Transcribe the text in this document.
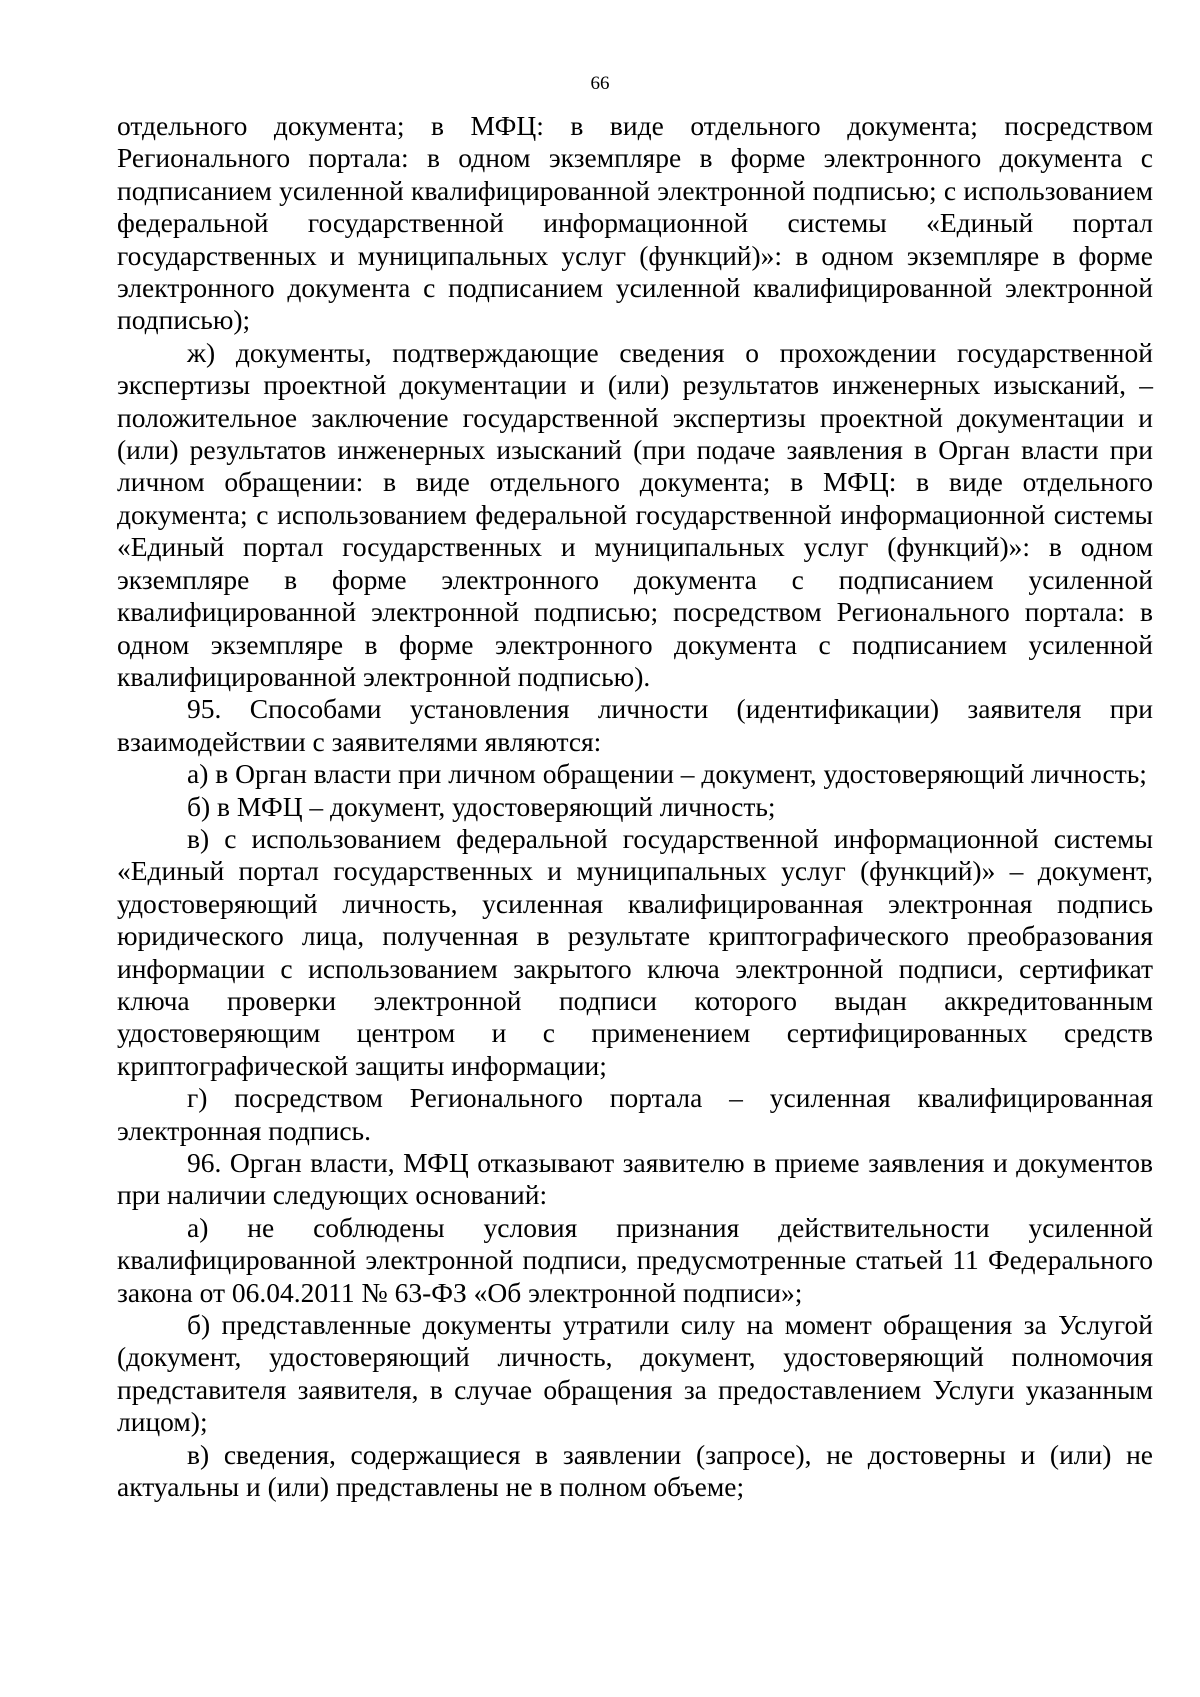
66

отдельного документа; в МФЦ: в виде отдельного документа; посредством Регионального портала: в одном экземпляре в форме электронного документа с подписанием усиленной квалифицированной электронной подписью; с использованием федеральной государственной информационной системы «Единый портал государственных и муниципальных услуг (функций)»: в одном экземпляре в форме электронного документа с подписанием усиленной квалифицированной электронной подписью);

ж) документы, подтверждающие сведения о прохождении государственной экспертизы проектной документации и (или) результатов инженерных изысканий, – положительное заключение государственной экспертизы проектной документации и (или) результатов инженерных изысканий (при подаче заявления в Орган власти при личном обращении: в виде отдельного документа; в МФЦ: в виде отдельного документа; с использованием федеральной государственной информационной системы «Единый портал государственных и муниципальных услуг (функций)»: в одном экземпляре в форме электронного документа с подписанием усиленной квалифицированной электронной подписью; посредством Регионального портала: в одном экземпляре в форме электронного документа с подписанием усиленной квалифицированной электронной подписью).

95. Способами установления личности (идентификации) заявителя при взаимодействии с заявителями являются:

а) в Орган власти при личном обращении – документ, удостоверяющий личность;

б) в МФЦ – документ, удостоверяющий личность;

в) с использованием федеральной государственной информационной системы «Единый портал государственных и муниципальных услуг (функций)» – документ, удостоверяющий личность, усиленная квалифицированная электронная подпись юридического лица, полученная в результате криптографического преобразования информации с использованием закрытого ключа электронной подписи, сертификат ключа проверки электронной подписи которого выдан аккредитованным удостоверяющим центром и с применением сертифицированных средств криптографической защиты информации;

г) посредством Регионального портала – усиленная квалифицированная электронная подпись.

96. Орган власти, МФЦ отказывают заявителю в приеме заявления и документов при наличии следующих оснований:

а) не соблюдены условия признания действительности усиленной квалифицированной электронной подписи, предусмотренные статьей 11 Федерального закона от 06.04.2011 № 63-ФЗ «Об электронной подписи»;

б) представленные документы утратили силу на момент обращения за Услугой (документ, удостоверяющий личность, документ, удостоверяющий полномочия представителя заявителя, в случае обращения за предоставлением Услуги указанным лицом);

в) сведения, содержащиеся в заявлении (запросе), не достоверны и (или) не актуальны и (или) представлены не в полном объеме;
